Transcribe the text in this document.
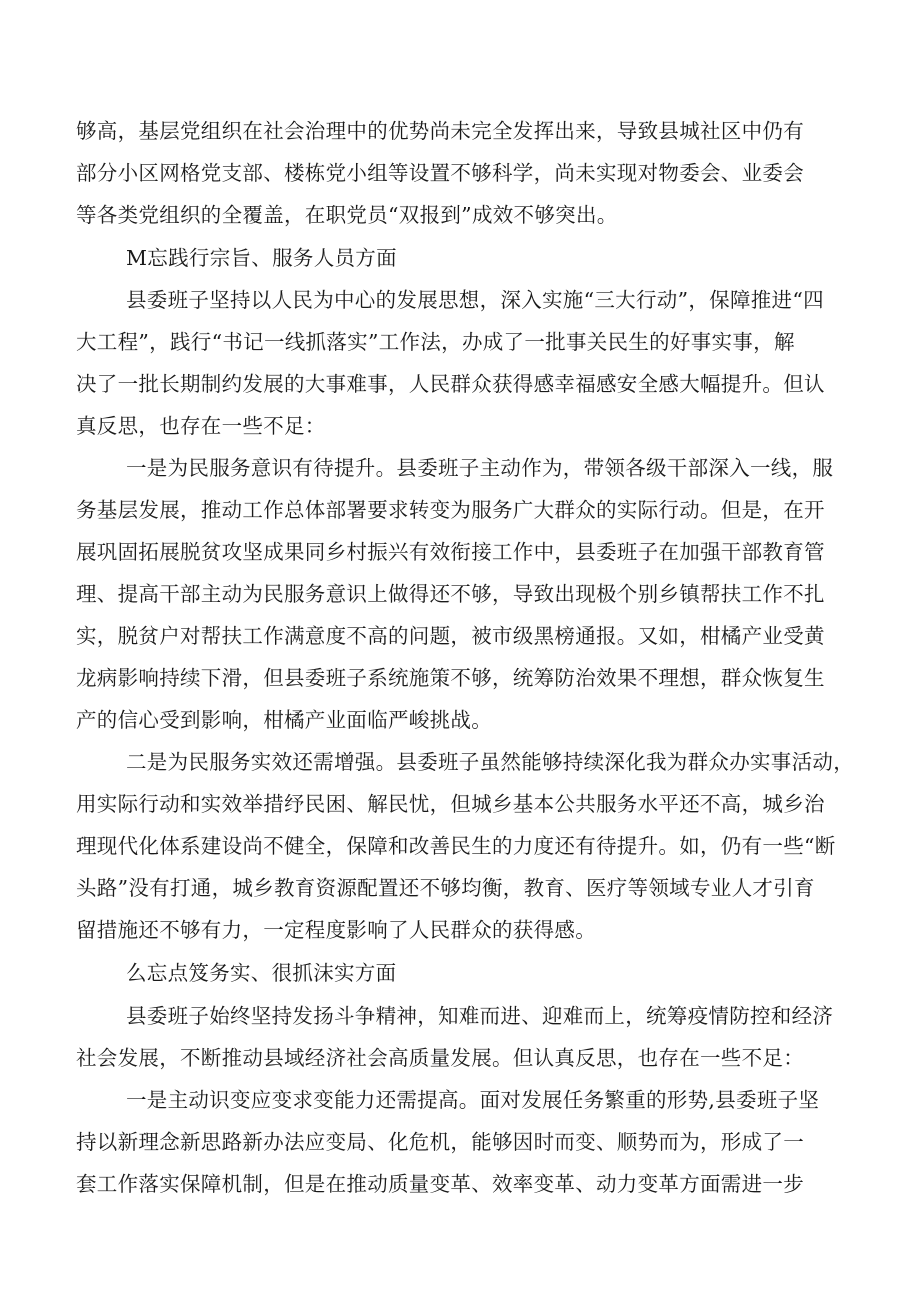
够高，基层党组织在社会治理中的优势尚未完全发挥出来，导致县城社区中仍有

部分小区网格党支部、楼栋党小组等设置不够科学，尚未实现对物委会、业委会

等各类党组织的全覆盖，在职党员“双报到”成效不够突出。

M忘践行宗旨、服务人员方面

县委班子坚持以人民为中心的发展思想，深入实施“三大行动”，保障推进“四

大工程”，践行“书记一线抓落实”工作法，办成了一批事关民生的好事实事，解

决了一批长期制约发展的大事难事，人民群众获得感幸福感安全感大幅提升。但认

真反思，也存在一些不足：

一是为民服务意识有待提升。县委班子主动作为，带领各级干部深入一线，服

务基层发展，推动工作总体部署要求转变为服务广大群众的实际行动。但是，在开

展巩固拓展脱贫攻坚成果同乡村振兴有效衔接工作中，县委班子在加强干部教育管

理、提高干部主动为民服务意识上做得还不够，导致出现极个别乡镇帮扶工作不扎

实，脱贫户对帮扶工作满意度不高的问题，被市级黑榜通报。又如，柑橘产业受黄

龙病影响持续下滑，但县委班子系统施策不够，统筹防治效果不理想，群众恢复生

产的信心受到影响，柑橘产业面临严峻挑战。

二是为民服务实效还需增强。县委班子虽然能够持续深化我为群众办实事活动，

用实际行动和实效举措纾民困、解民忧，但城乡基本公共服务水平还不高，城乡治

理现代化体系建设尚不健全，保障和改善民生的力度还有待提升。如，仍有一些“断

头路”没有打通，城乡教育资源配置还不够均衡，教育、医疗等领域专业人才引育

留措施还不够有力，一定程度影响了人民群众的获得感。

么忘点笈务实、很抓沫实方面

县委班子始终坚持发扬斗争精神，知难而进、迎难而上，统筹疫情防控和经济

社会发展，不断推动县域经济社会高质量发展。但认真反思，也存在一些不足：

一是主动识变应变求变能力还需提高。面对发展任务繁重的形势,县委班子坚

持以新理念新思路新办法应变局、化危机，能够因时而变、顺势而为，形成了一

套工作落实保障机制，但是在推动质量变革、效率变革、动力变革方面需进一步
